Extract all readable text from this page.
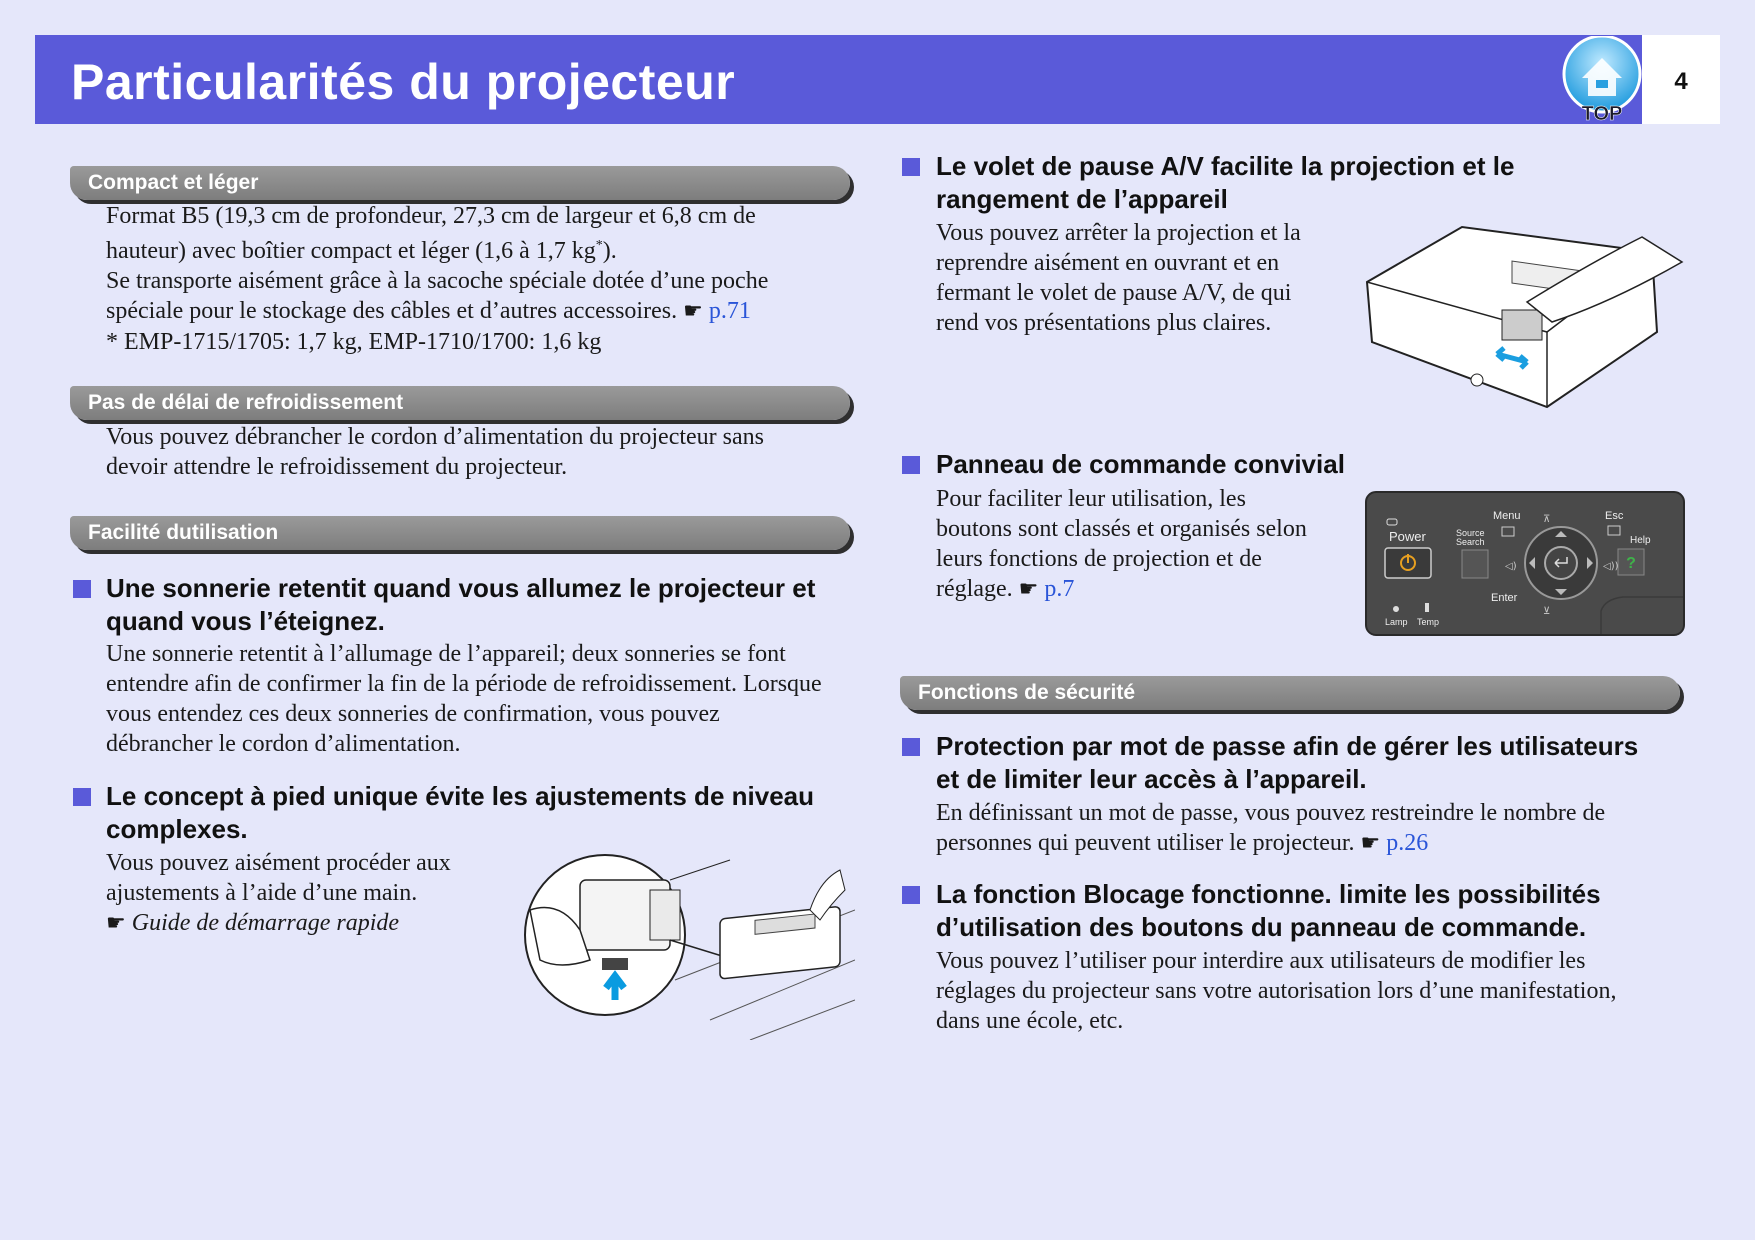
Particularités du projecteur	4
TOP
Compact et léger
Format B5 (19,3 cm de profondeur, 27,3 cm de largeur et 6,8 cm de
hauteur) avec boîtier compact et léger (1,6 à 1,7 kg*).
Se transporte aisément grâce à la sacoche spéciale dotée d’une poche
spéciale pour le stockage des câbles et d’autres accessoires. ☛ p.71
* EMP-1715/1705: 1,7 kg, EMP-1710/1700: 1,6 kg
Pas de délai de refroidissement
Vous pouvez débrancher le cordon d’alimentation du projecteur sans
devoir attendre le refroidissement du projecteur.
Facilité dutilisation
Une sonnerie retentit quand vous allumez le projecteur et
quand vous l’éteignez.
Une sonnerie retentit à l’allumage de l’appareil; deux sonneries se font
entendre afin de confirmer la fin de la période de refroidissement. Lorsque
vous entendez ces deux sonneries de confirmation, vous pouvez
débrancher le cordon d’alimentation.
Le concept à pied unique évite les ajustements de niveau
complexes.
Vous pouvez aisément procéder aux
ajustements à l’aide d’une main.
☛ Guide de démarrage rapide
Le volet de pause A/V facilite la projection et le
rangement de l’appareil
Vous pouvez arrêter la projection et la
reprendre aisément en ouvrant et en
fermant le volet de pause A/V, de qui
rend vos présentations plus claires.
Panneau de commande convivial
Pour faciliter leur utilisation, les
boutons sont classés et organisés selon
leurs fonctions de projection et de
réglage. ☛ p.7
Menu	Esc
Help
Power	Source
Search
Enter
Lamp Temp
?
⊼
⊻
◁)	◁))
Fonctions de sécurité
Protection par mot de passe afin de gérer les utilisateurs
et de limiter leur accès à l’appareil.
En définissant un mot de passe, vous pouvez restreindre le nombre de
personnes qui peuvent utiliser le projecteur. ☛ p.26
La fonction Blocage fonctionne. limite les possibilités
d’utilisation des boutons du panneau de commande.
Vous pouvez l’utiliser pour interdire aux utilisateurs de modifier les
réglages du projecteur sans votre autorisation lors d’une manifestation,
dans une école, etc.
